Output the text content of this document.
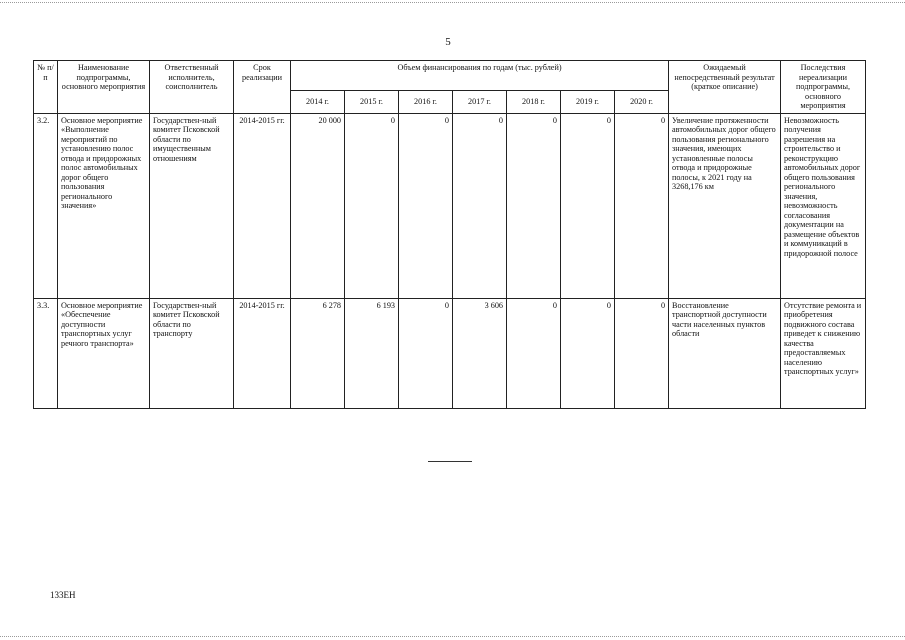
5
№ п/п	Наименование подпрограммы, основного мероприятия	Ответственный исполнитель, соисполнитель	Срок реализации	Объем финансирования по годам (тыс. рублей)							Ожидаемый непосредственный результат (краткое описание)	Последствия нереализации подпрограммы, основного мероприятия
				2014 г.	2015 г.	2016 г.	2017 г.	2018 г.	2019 г.	2020 г.		
3.2.	Основное мероприятие «Выполнение мероприятий по установлению полос отвода и придорожных полос автомобильных дорог общего пользования регионального значения»	Государствен-ный комитет Псковской области по имущественным отношениям	2014-2015 гг.	20 000	0	0	0	0	0	0	Увеличение протяженности автомобильных дорог общего пользования регионального значения, имеющих установленные полосы отвода и придорожные полосы, к 2021 году на 3268,176 км	Невозможность получения разрешения на строительство и реконструкцию автомобильных дорог общего пользования регионального значения, невозможность согласования документации на размещение объектов и коммуникаций в придорожной полосе
3.3.	Основное мероприятие «Обеспечение доступности транспортных услуг речного транспорта»	Государствен-ный комитет Псковской области по транспорту	2014-2015 гг.	6 278	6 193	0	3 606	0	0	0	Восстановление транспортной доступности части населенных пунктов области	Отсутствие ремонта и приобретения подвижного состава приведет к снижению качества предоставляемых населению транспортных услуг»
133ЕН
